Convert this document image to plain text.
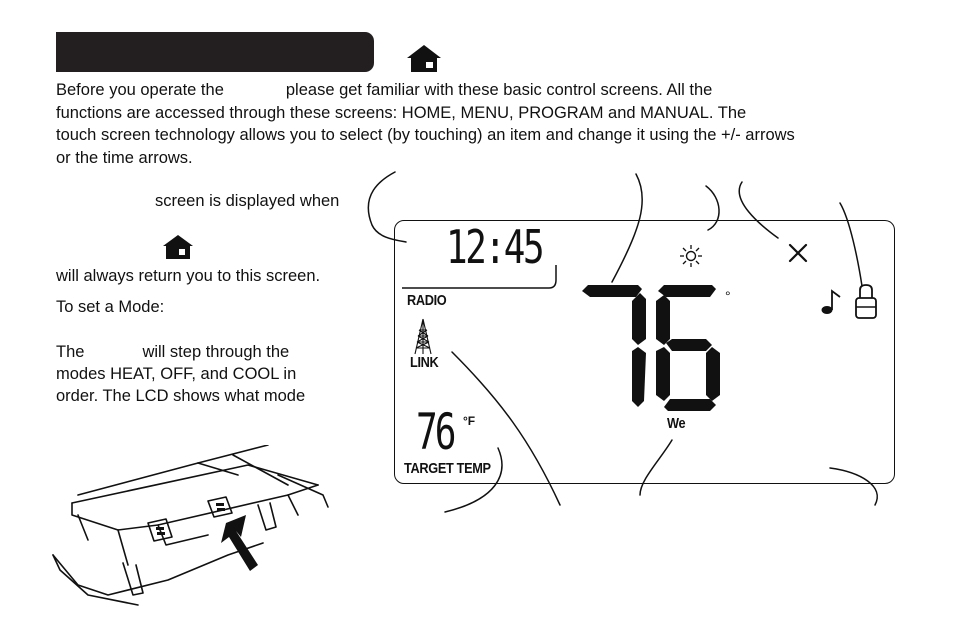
Before you operate the	please get familiar with these basic control screens. All the
functions are accessed through these screens: HOME, MENU, PROGRAM and MANUAL. The
touch screen technology allows you to select (by touching) an item and change it using the +/- arrows
or the time arrows.
screen is displayed when
will always return you to this screen.
To set a Mode:
The	will step through the
modes HEAT, OFF, and COOL in
order. The LCD shows what mode
12:45
RADIO
LINK
76 °F
TARGET TEMP
°
We
